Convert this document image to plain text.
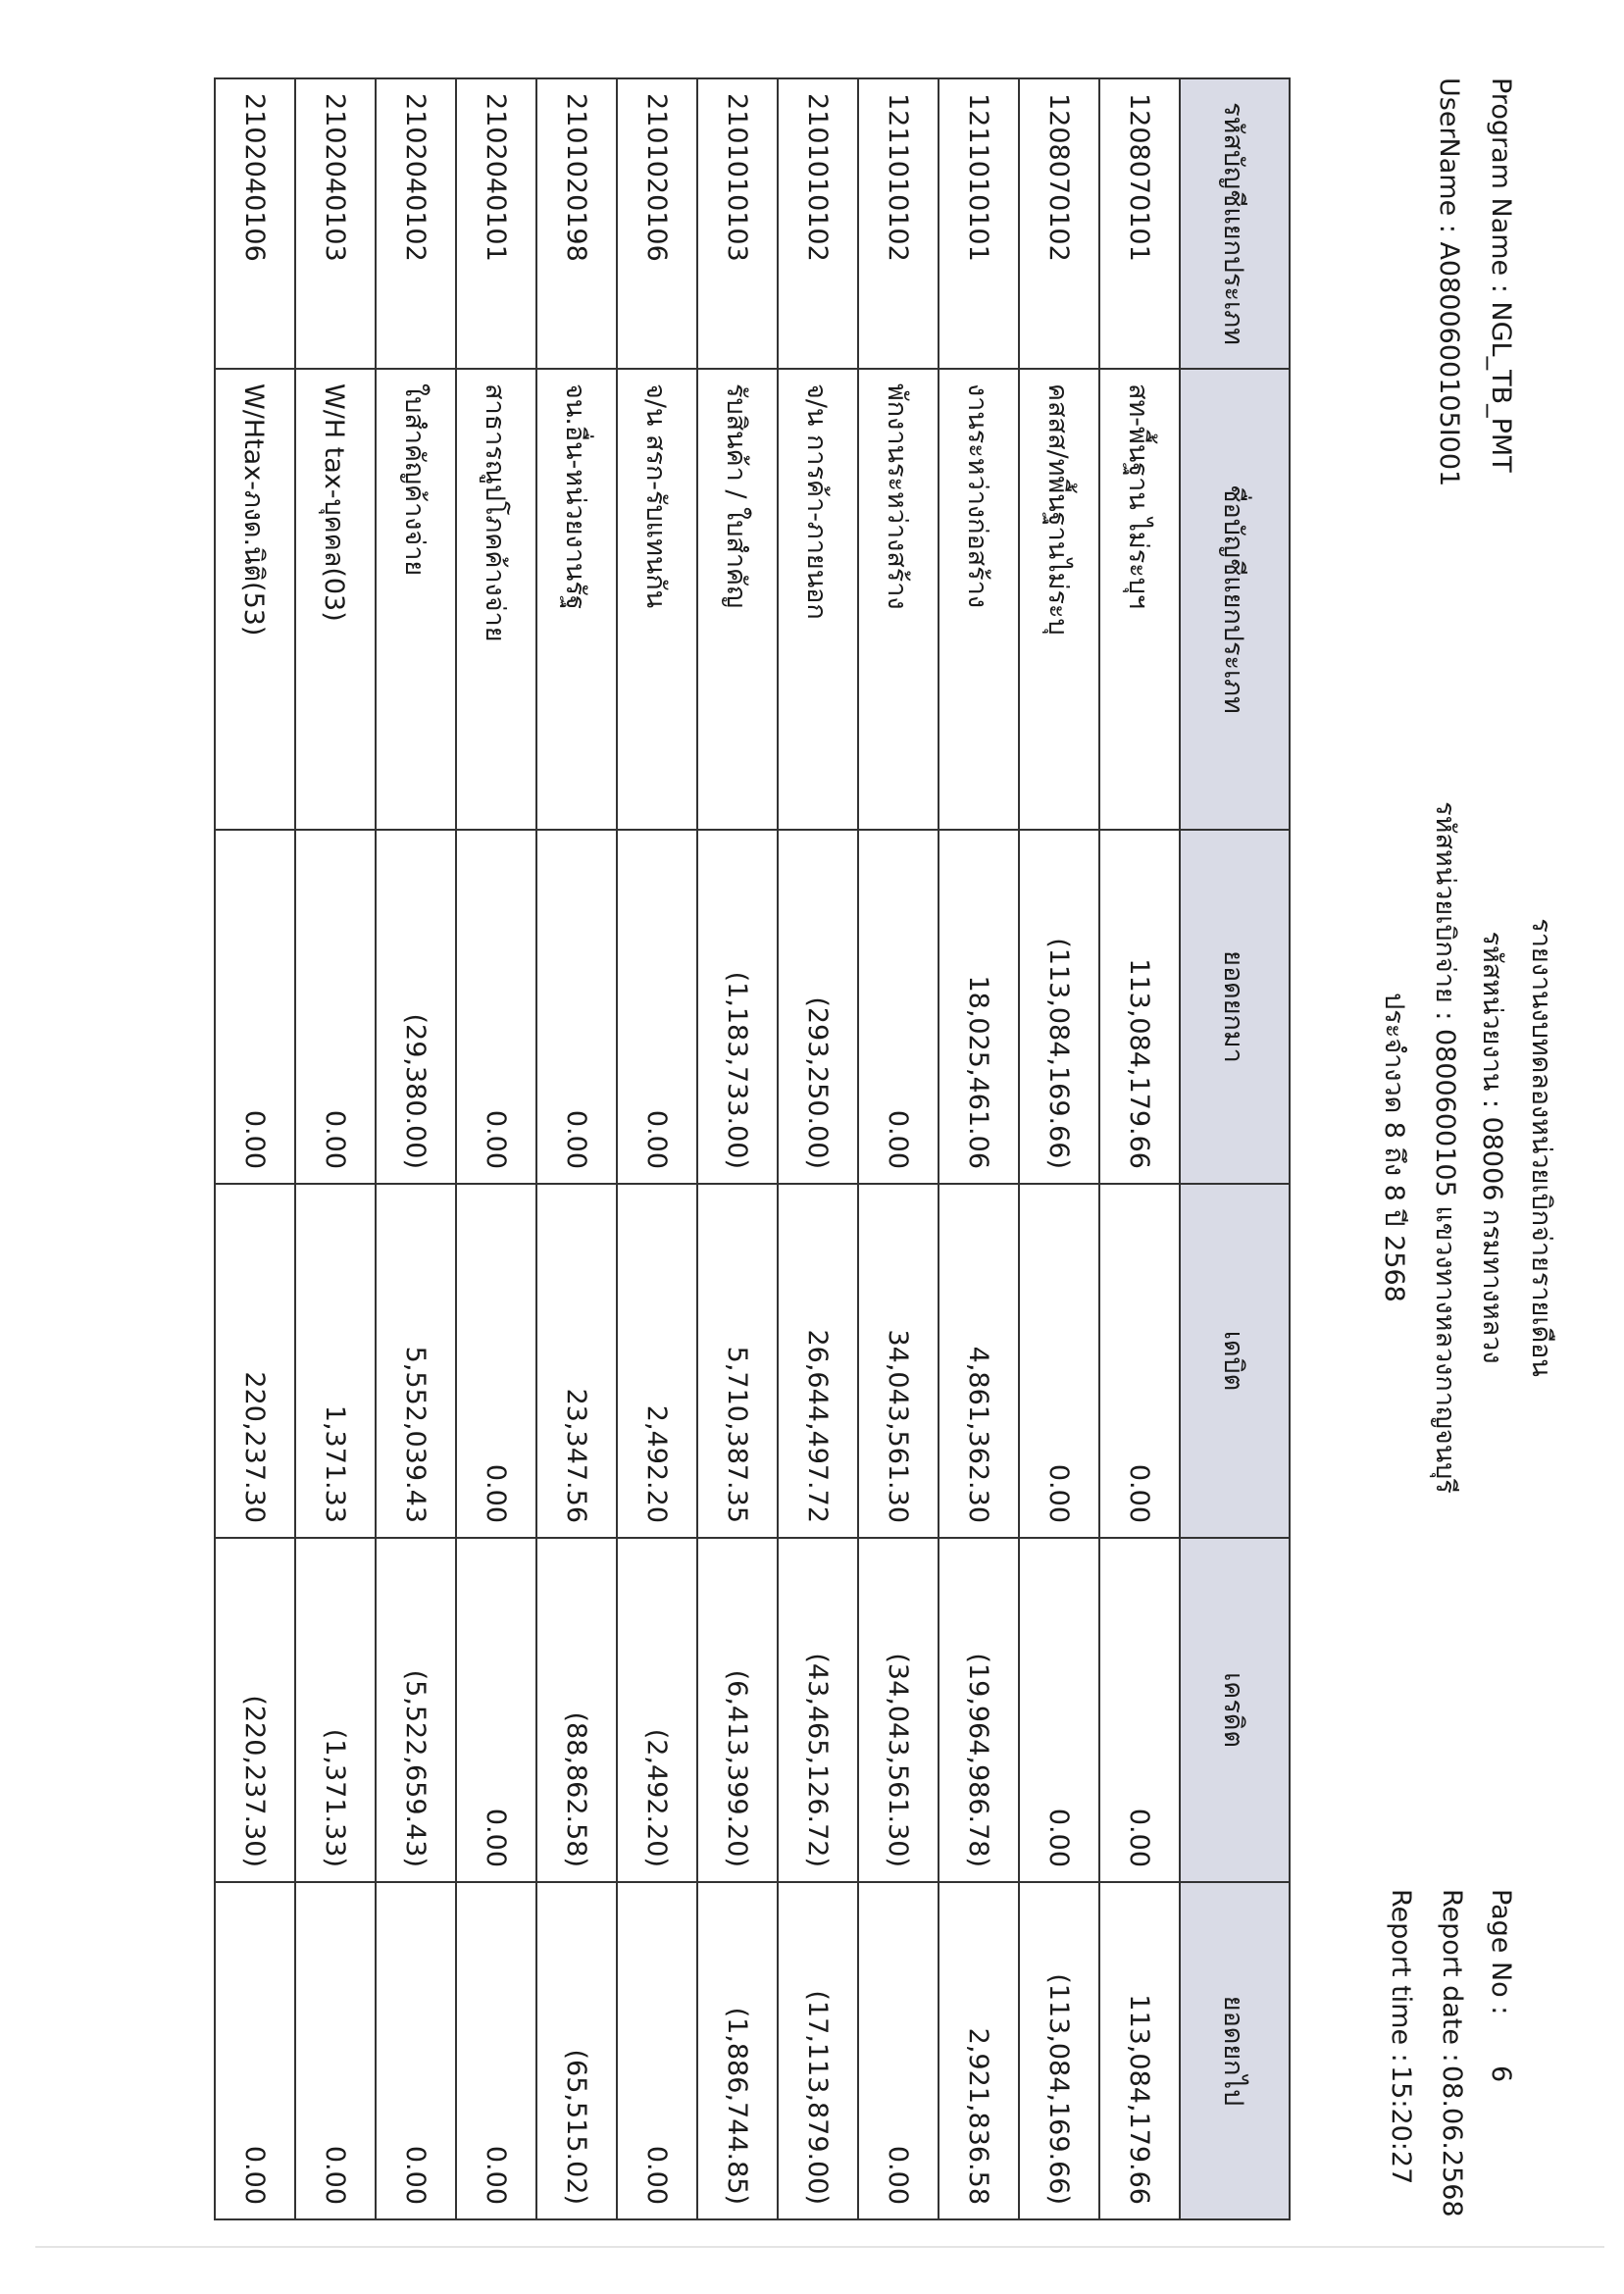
Program Name : NGL_TB_PMT
UserName : A0800600105I001
รายงานงบทดลองหน่วยเบิกจ่ายรายเดือน
รหัสหน่วยงาน : 08006 กรมทางหลวง
รหัสหน่วยเบิกจ่าย : 0800600105 แขวงทางหลวงกาญจนบุรี
ประจำงวด 8 ถึง 8 ปี 2568
Page No :6
Report date :08.06.2568
Report time :15:20:27
รหัสบัญชีแยกประเภท	ชื่อบัญชีแยกประเภท	ยอดยกมา	เดบิต	เครดิต	ยอดยกไป
1208070101	สท-พื้นฐาน ไม่ระบุฯ	113,084,179.66	0.00	0.00	113,084,179.66
1208070102	คสสส/ทพื้นฐานไม่ระบุ	(113,084,169.66)	0.00	0.00	(113,084,169.66)
1211010101	งานระหว่างก่อสร้าง	18,025,461.06	4,861,362.30	(19,964,986.78)	2,921,836.58
1211010102	พักงานระหว่างสร้าง	0.00	34,043,561.30	(34,043,561.30)	0.00
2101010102	จ/น การค้า-ภายนอก	(293,250.00)	26,644,497.72	(43,465,126.72)	(17,113,879.00)
2101010103	รับสินค้า / ใบสำคัญ	(1,183,733.00)	5,710,387.35	(6,413,399.20)	(1,886,744.85)
2101020106	จ/น สรก-รับแทนกัน	0.00	2,492.20	(2,492.20)	0.00
2101020198	จน.อื่น-หน่วยงานรัฐ	0.00	23,347.56	(88,862.58)	(65,515.02)
2102040101	สาธารณูปโภคค้างจ่าย	0.00	0.00	0.00	0.00
2102040102	ใบสำคัญค้างจ่าย	(29,380.00)	5,552,039.43	(5,522,659.43)	0.00
2102040103	W/H tax-บุคคล(03)	0.00	1,371.33	(1,371.33)	0.00
2102040106	W/Htax-ภงด.นิติ(53)	0.00	220,237.30	(220,237.30)	0.00
